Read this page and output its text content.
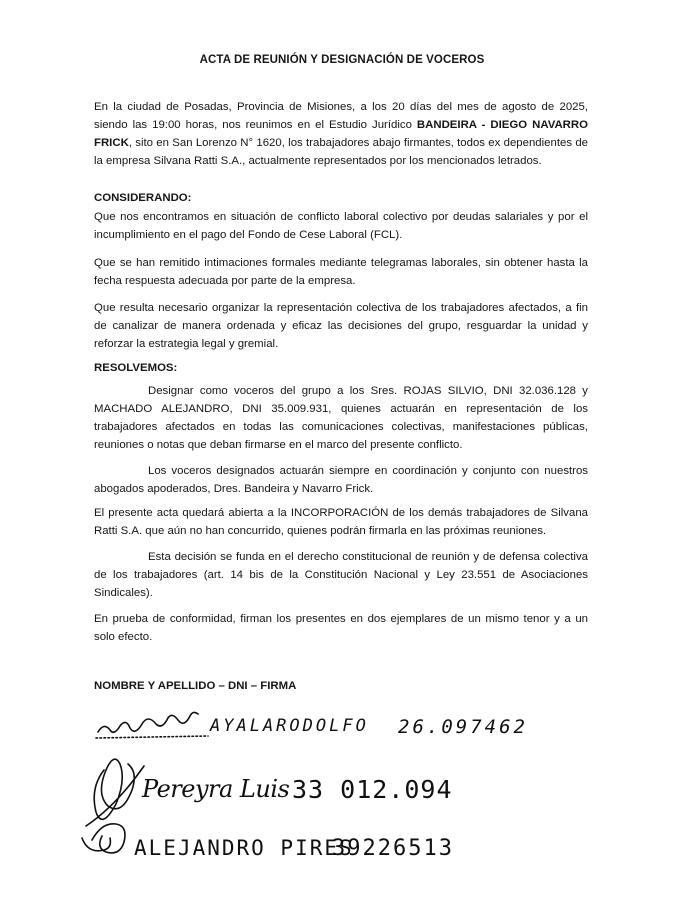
ACTA DE REUNIÓN Y DESIGNACIÓN DE VOCEROS
En la ciudad de Posadas, Provincia de Misiones, a los 20 días del mes de agosto de 2025, siendo las 19:00 horas, nos reunimos en el Estudio Jurídico BANDEIRA - DIEGO NAVARRO FRICK, sito en San Lorenzo N° 1620, los trabajadores abajo firmantes, todos ex dependientes de la empresa Silvana Ratti S.A., actualmente representados por los mencionados letrados.
CONSIDERANDO:
Que nos encontramos en situación de conflicto laboral colectivo por deudas salariales y por el incumplimiento en el pago del Fondo de Cese Laboral (FCL).
Que se han remitido intimaciones formales mediante telegramas laborales, sin obtener hasta la fecha respuesta adecuada por parte de la empresa.
Que resulta necesario organizar la representación colectiva de los trabajadores afectados, a fin de canalizar de manera ordenada y eficaz las decisiones del grupo, resguardar la unidad y reforzar la estrategia legal y gremial.
RESOLVEMOS:
Designar como voceros del grupo a los Sres. ROJAS SILVIO, DNI 32.036.128 y MACHADO ALEJANDRO, DNI 35.009.931, quienes actuarán en representación de los trabajadores afectados en todas las comunicaciones colectivas, manifestaciones públicas, reuniones o notas que deban firmarse en el marco del presente conflicto.
Los voceros designados actuarán siempre en coordinación y conjunto con nuestros abogados apoderados, Dres. Bandeira y Navarro Frick.
El presente acta quedará abierta a la INCORPORACIÓN de los demás trabajadores de Silvana Ratti S.A. que aún no han concurrido, quienes podrán firmarla en las próximas reuniones.
Esta decisión se funda en el derecho constitucional de reunión y de defensa colectiva de los trabajadores (art. 14 bis de la Constitución Nacional y Ley 23.551 de Asociaciones Sindicales).
En prueba de conformidad, firman los presentes en dos ejemplares de un mismo tenor y a un solo efecto.
NOMBRE Y APELLIDO – DNI – FIRMA
AYALARODOLFO 26.097462
Pereyra Luis 33 012.094
ALEJANDRO PIRES
39226513
